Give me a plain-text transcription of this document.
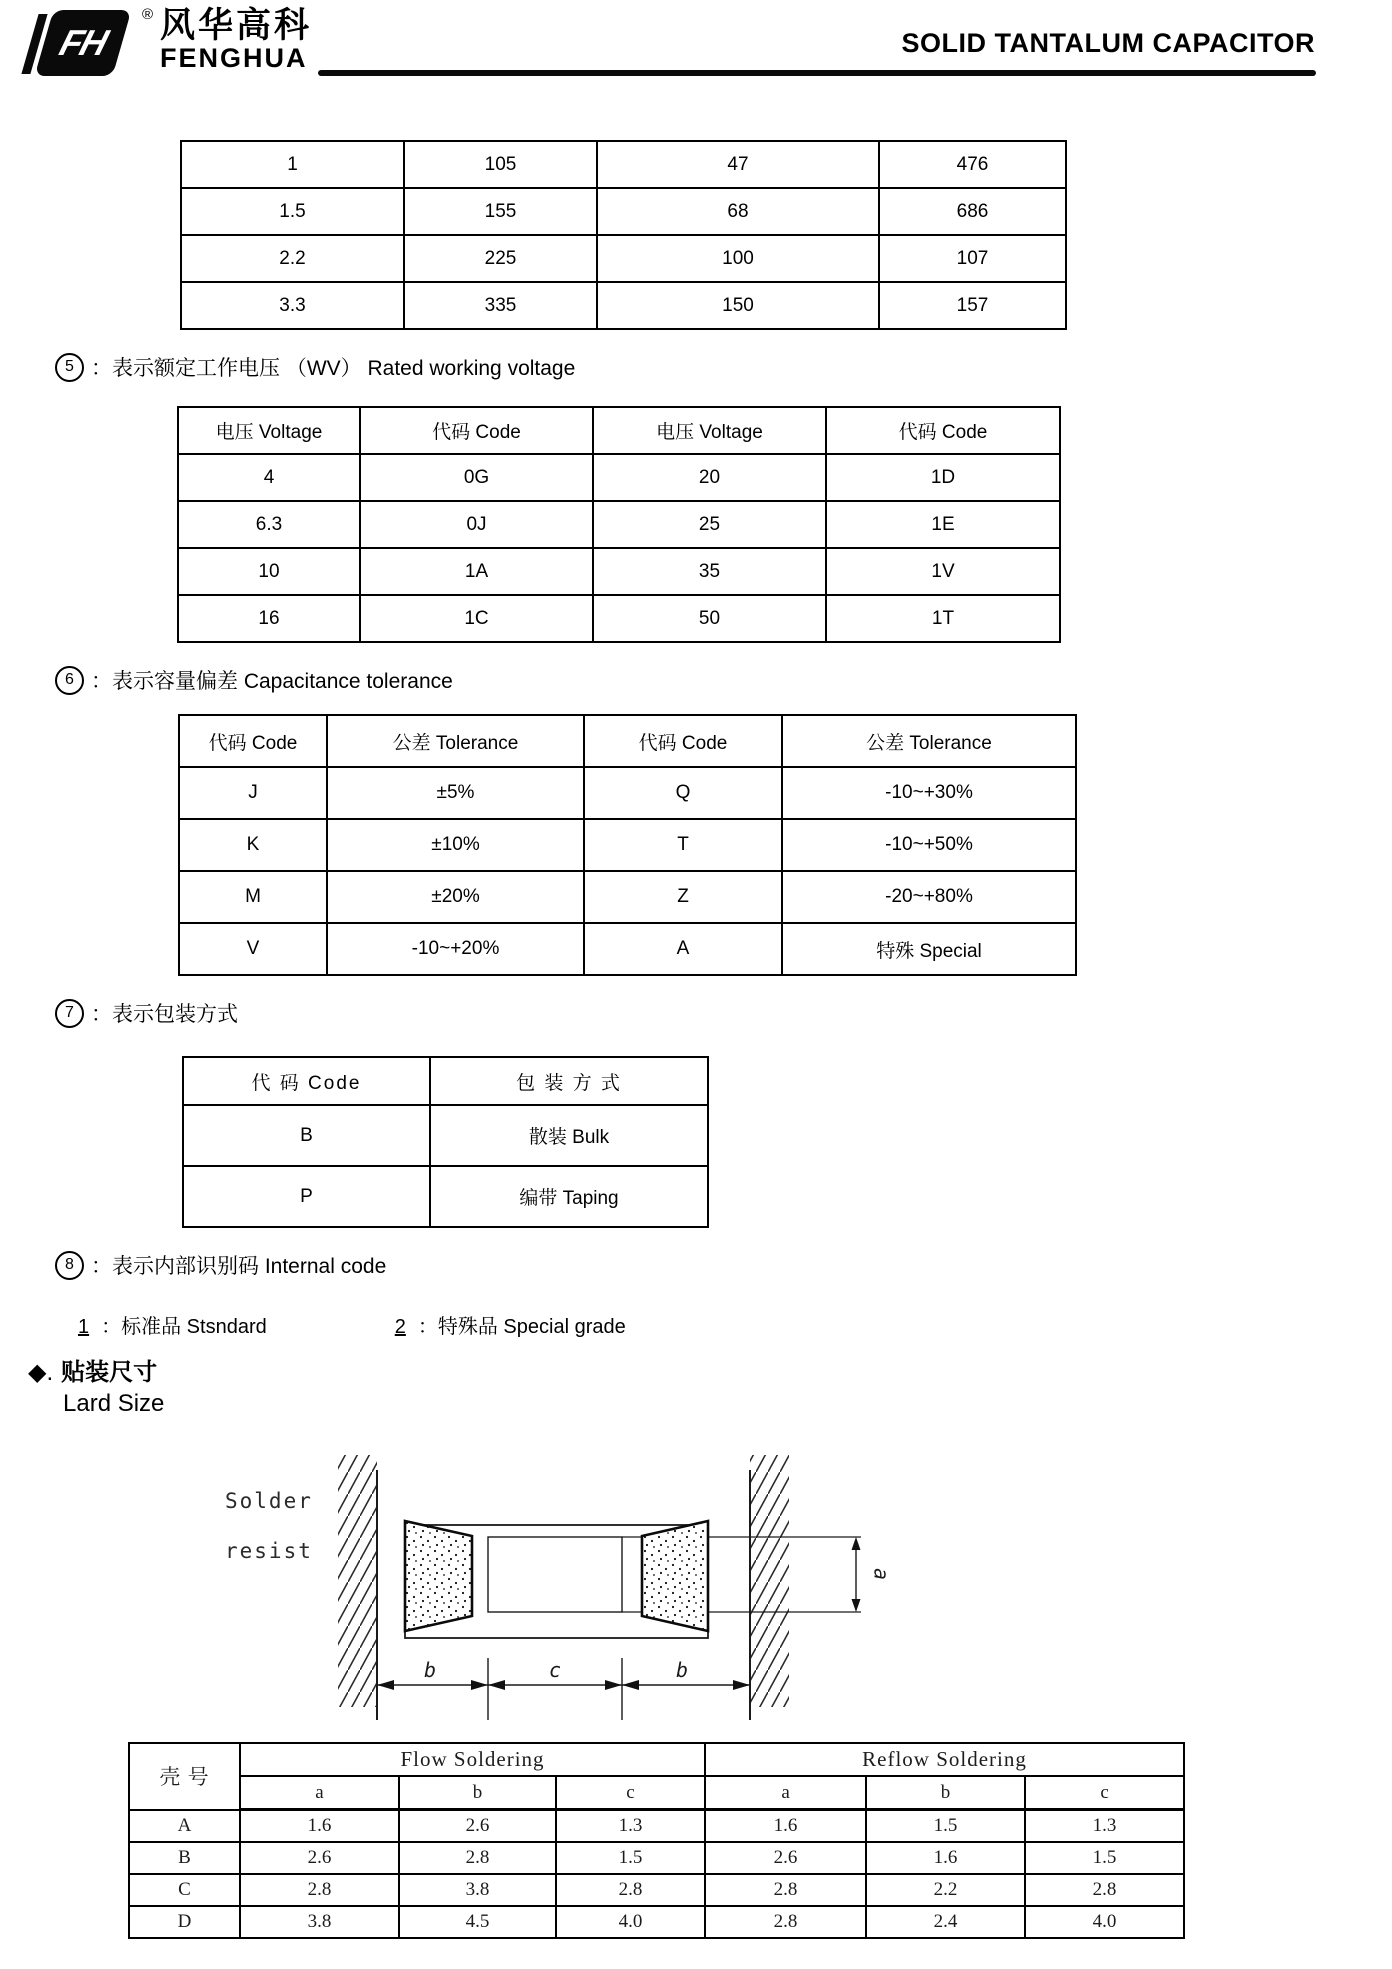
FH
® 风华高科
FENGHUA	SOLID TANTALUM CAPACITOR
1	105	47	476
1.5	155	68	686
2.2	225	100	107
3.3	335	150	157
5 ：表示额定工作电压 （WV） Rated working voltage
电压 Voltage	代码 Code	电压 Voltage	代码 Code
4	0G	20	1D
6.3	0J	25	1E
10	1A	35	1V
16	1C	50	1T
6 ：表示容量偏差 Capacitance tolerance
代码 Code	公差 Tolerance	代码 Code	公差 Tolerance
J	±5%	Q	-10~+30%
K	±10%	T	-10~+50%
M	±20%	Z	-20~+80%
V	-10~+20%	A	特殊 Special
7 ：表示包装方式
代 码 Code	包 装 方 式
B	散装 Bulk
P	编带 Taping
8 ：表示内部识别码 Internal code
1 ：标准品 Stsndard	2 ：特殊品 Special grade
◆. 贴装尺寸
Lard Size
a
b	c	b
Solder
resist
壳 号	Flow Soldering			Reflow Soldering		
	a	b	c	a	b	c
A	1.6	2.6	1.3	1.6	1.5	1.3
B	2.6	2.8	1.5	2.6	1.6	1.5
C	2.8	3.8	2.8	2.8	2.2	2.8
D	3.8	4.5	4.0	2.8	2.4	4.0
